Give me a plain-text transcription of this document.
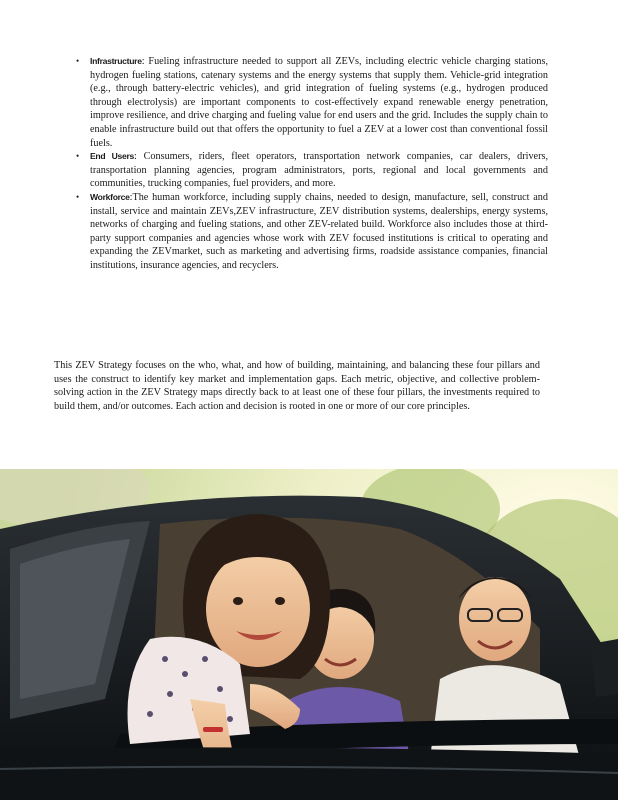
• Infrastructure: Fueling infrastructure needed to support all ZEVs, including electric vehicle charging stations, hydrogen fueling stations, catenary systems and the energy systems that supply them. Vehicle-grid integration (e.g., through battery-electric vehicles), and grid integration of fueling systems (e.g., hydrogen produced through electrolysis) are important components to cost-effectively expand renewable energy penetration, improve resilience, and drive charging and fueling value for end users and the grid. Includes the supply chain to enable infrastructure build out that offers the opportunity to fuel a ZEV at a lower cost than conventional fossil fuels.
• End Users: Consumers, riders, fleet operators, transportation network companies, car dealers, drivers, transportation planning agencies, program administrators, ports, regional and local governments and communities, trucking companies, fuel providers, and more.
• Workforce:The human workforce, including supply chains, needed to design, manufacture, sell, construct and install, service and maintain ZEVs,ZEV infrastructure, ZEV distribution systems, dealerships, energy systems, networks of charging and fueling stations, and other ZEV-related build. Workforce also includes those at third-party support companies and agencies whose work with ZEV focused institutions is critical to operating and expanding the ZEVmarket, such as marketing and advertising firms, roadside assistance companies, financial institutions, insurance agencies, and recyclers.

This ZEV Strategy focuses on the who, what, and how of building, maintaining, and balancing these four pillars and uses the construct to identify key market and implementation gaps. Each metric, objective, and collective problem-solving action in the ZEV Strategy maps directly back to at least one of these four pillars, the investments required to build them, and/or outcomes. Each action and decision is rooted in one or more of our core principles.
